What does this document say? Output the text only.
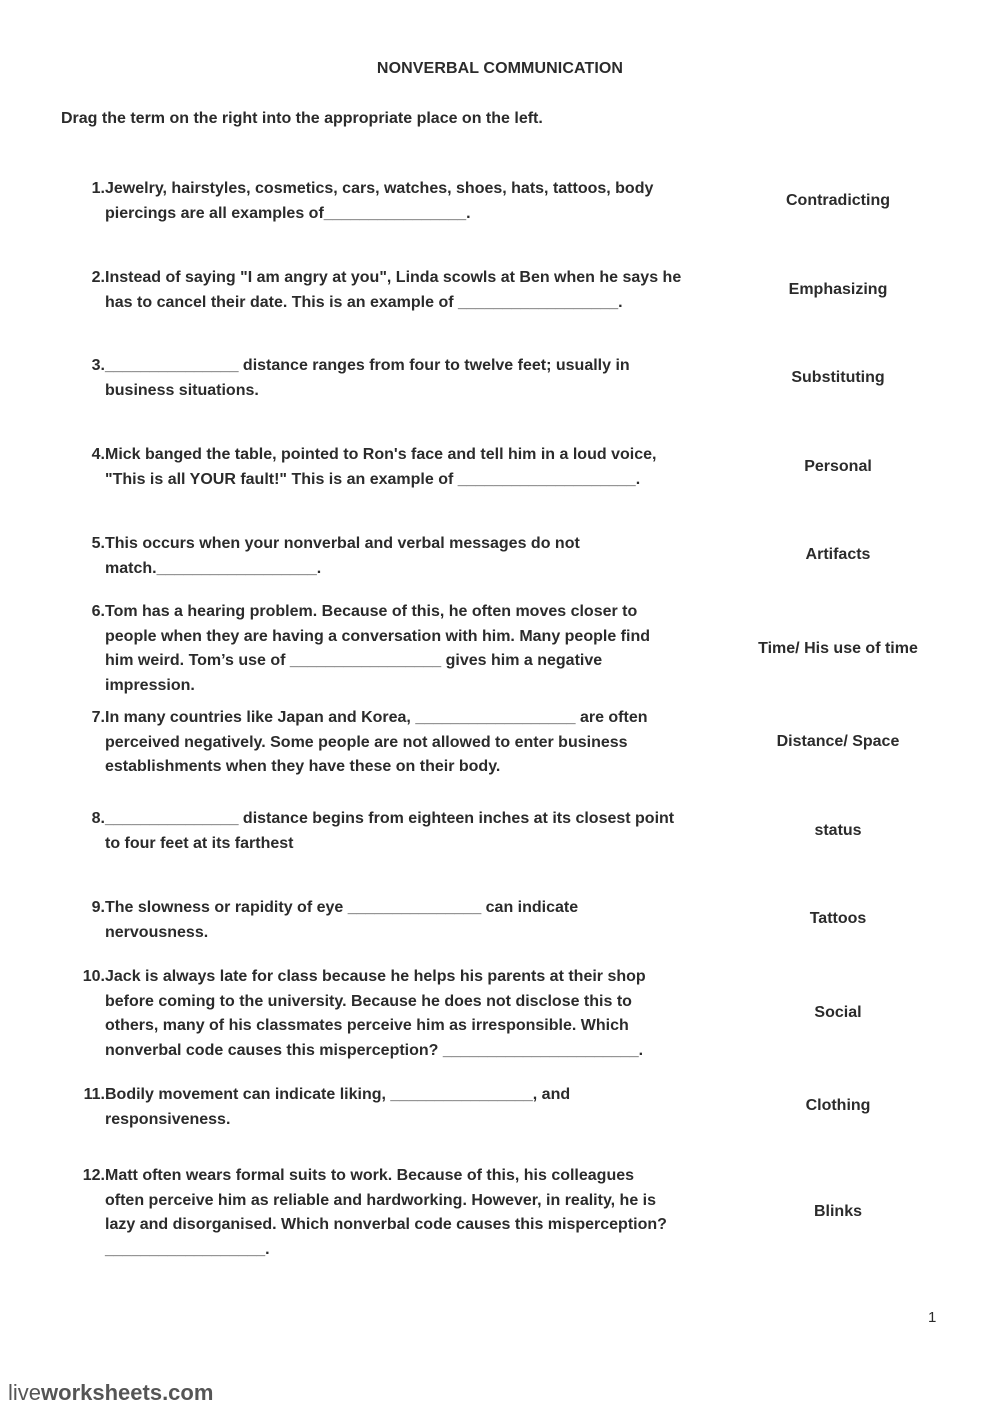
NONVERBAL COMMUNICATION
Drag the term on the right into the appropriate place on the left.
1. Jewelry, hairstyles, cosmetics, cars, watches, shoes, hats, tattoos, body
piercings are all examples of________________.
2. Instead of saying "I am angry at you", Linda scowls at Ben when he says he
has to cancel their date. This is an example of __________________.
3. _______________ distance ranges from four to twelve feet; usually in
business situations.
4. Mick banged the table, pointed to Ron's face and tell him in a loud voice,
"This is all YOUR fault!" This is an example of ____________________.
5. This occurs when your nonverbal and verbal messages do not
match.__________________.
6. Tom has a hearing problem. Because of this, he often moves closer to
people when they are having a conversation with him. Many people find
him weird. Tom’s use of _________________ gives him a negative
impression.
7. In many countries like Japan and Korea, __________________ are often
perceived negatively. Some people are not allowed to enter business
establishments when they have these on their body.
8. _______________ distance begins from eighteen inches at its closest point
to four feet at its farthest
9. The slowness or rapidity of eye _______________ can indicate
nervousness.
10. Jack is always late for class because he helps his parents at their shop
before coming to the university. Because he does not disclose this to
others, many of his classmates perceive him as irresponsible. Which
nonverbal code causes this misperception? ______________________.
11. Bodily movement can indicate liking, ________________, and
responsiveness.
12. Matt often wears formal suits to work. Because of this, his colleagues
often perceive him as reliable and hardworking. However, in reality, he is
lazy and disorganised. Which nonverbal code causes this misperception?
__________________.
Contradicting
Emphasizing
Substituting
Personal
Artifacts
Time/ His use of time
Distance/ Space
status
Tattoos
Social
Clothing
Blinks
1
liveworksheets.com
